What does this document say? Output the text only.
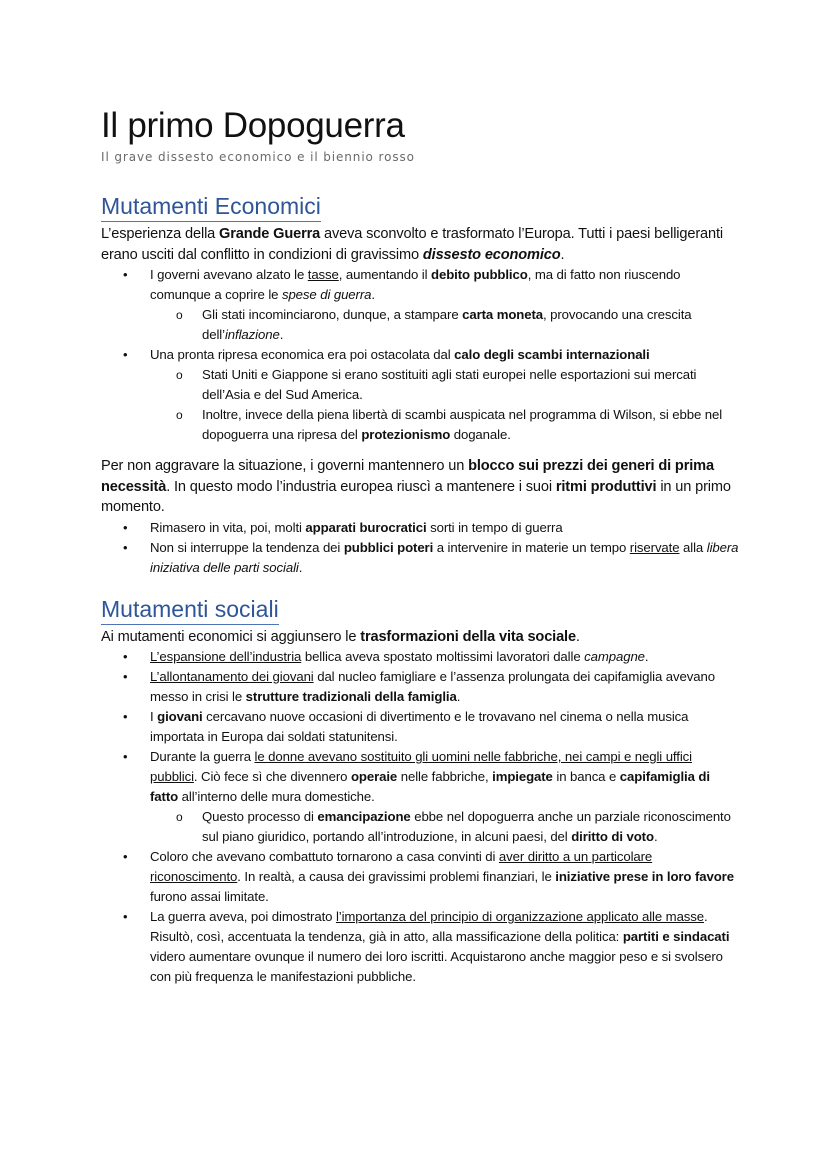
Il primo Dopoguerra

Il grave dissesto economico e il biennio rosso

Mutamenti Economici

L’esperienza della Grande Guerra aveva sconvolto e trasformato l’Europa. Tutti i paesi belligeranti erano usciti dal conflitto in condizioni di gravissimo dissesto economico.

• I governi avevano alzato le tasse, aumentando il debito pubblico, ma di fatto non riuscendo comunque a coprire le spese di guerra.
o Gli stati incominciarono, dunque, a stampare carta moneta, provocando una crescita dell’inflazione.
• Una pronta ripresa economica era poi ostacolata dal calo degli scambi internazionali
o Stati Uniti e Giappone si erano sostituiti agli stati europei nelle esportazioni sui mercati dell’Asia e del Sud America.
o Inoltre, invece della piena libertà di scambi auspicata nel programma di Wilson, si ebbe nel dopoguerra una ripresa del protezionismo doganale.

Per non aggravare la situazione, i governi mantennero un blocco sui prezzi dei generi di prima necessità. In questo modo l’industria europea riuscì a mantenere i suoi ritmi produttivi in un primo momento.

• Rimasero in vita, poi, molti apparati burocratici sorti in tempo di guerra
• Non si interruppe la tendenza dei pubblici poteri a intervenire in materie un tempo riservate alla libera iniziativa delle parti sociali.
Mutamenti sociali

Ai mutamenti economici si aggiunsero le trasformazioni della vita sociale.

• L’espansione dell’industria bellica aveva spostato moltissimi lavoratori dalle campagne.
• L’allontanamento dei giovani dal nucleo famigliare e l’assenza prolungata dei capifamiglia avevano messo in crisi le strutture tradizionali della famiglia.
• I giovani cercavano nuove occasioni di divertimento e le trovavano nel cinema o nella musica importata in Europa dai soldati statunitensi.
• Durante la guerra le donne avevano sostituito gli uomini nelle fabbriche, nei campi e negli uffici pubblici. Ciò fece sì che divennero operaie nelle fabbriche, impiegate in banca e capifamiglia di fatto all’interno delle mura domestiche.
o Questo processo di emancipazione ebbe nel dopoguerra anche un parziale riconoscimento sul piano giuridico, portando all’introduzione, in alcuni paesi, del diritto di voto.
• Coloro che avevano combattuto tornarono a casa convinti di aver diritto a un particolare riconoscimento. In realtà, a causa dei gravissimi problemi finanziari, le iniziative prese in loro favore furono assai limitate.
• La guerra aveva, poi dimostrato l’importanza del principio di organizzazione applicato alle masse. Risultò, così, accentuata la tendenza, già in atto, alla massificazione della politica: partiti e sindacati videro aumentare ovunque il numero dei loro iscritti. Acquistarono anche maggior peso e si svolsero con più frequenza le manifestazioni pubbliche.
